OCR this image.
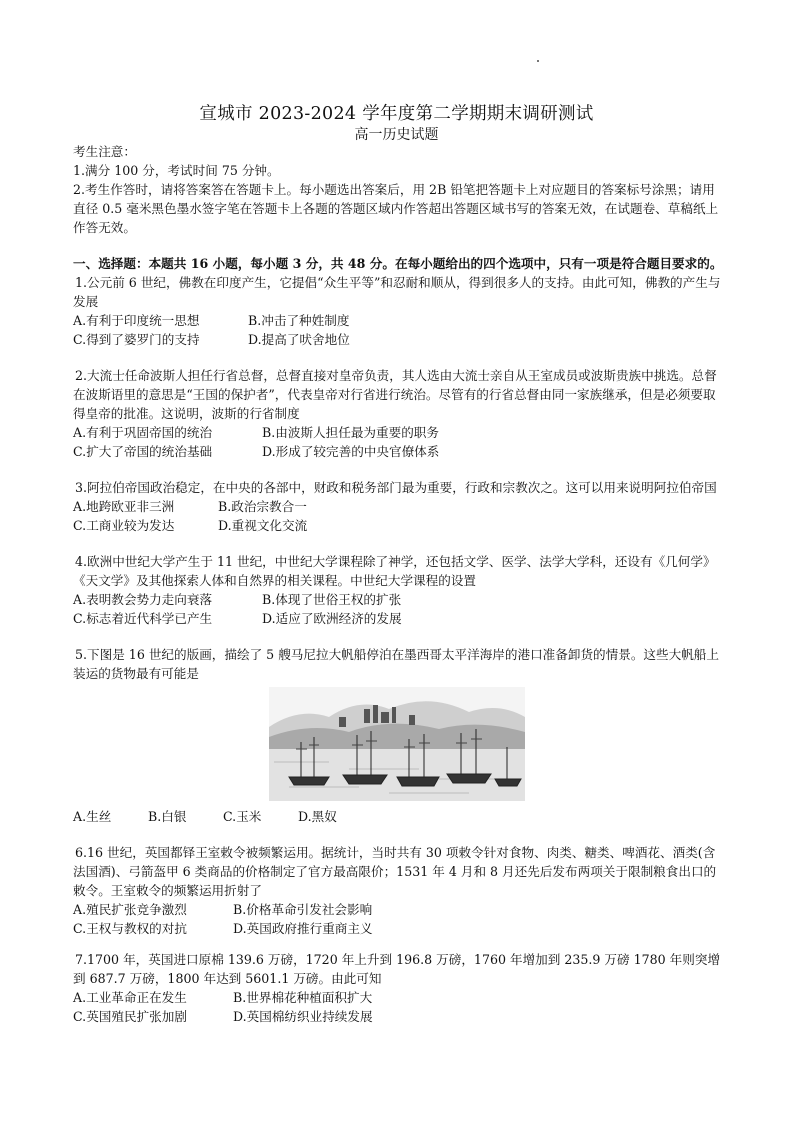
宣城市 2023-2024 学年度第二学期期末调研测试
高一历史试题
考生注意：
1.满分 100 分，考试时间 75 分钟。
2.考生作答时，请将答案答在答题卡上。每小题选出答案后，用 2B 铅笔把答题卡上对应题目的答案标号涂黑；请用直径 0.5 毫米黑色墨水签字笔在答题卡上各题的答题区域内作答超出答题区域书写的答案无效，在试题卷、草稿纸上作答无效。
一、选择题：本题共 16 小题，每小题 3 分，共 48 分。在每小题给出的四个选项中，只有一项是符合题目要求的。
1.公元前 6 世纪，佛教在印度产生，它提倡“众生平等”和忍耐和顺从，得到很多人的支持。由此可知，佛教的产生与发展
A.有利于印度统一思想	B.冲击了种姓制度
C.得到了婆罗门的支持	D.提高了吠舍地位
2.大流士任命波斯人担任行省总督，总督直接对皇帝负责，其人选由大流士亲自从王室成员或波斯贵族中挑选。总督在波斯语里的意思是“王国的保护者”，代表皇帝对行省进行统治。尽管有的行省总督由同一家族继承，但是必须要取得皇帝的批准。这说明，波斯的行省制度
A.有利于巩固帝国的统治	B.由波斯人担任最为重要的职务
C.扩大了帝国的统治基础	D.形成了较完善的中央官僚体系
3.阿拉伯帝国政治稳定，在中央的各部中，财政和税务部门最为重要，行政和宗教次之。这可以用来说明阿拉伯帝国
A.地跨欧亚非三洲	B.政治宗教合一
C.工商业较为发达	D.重视文化交流
4.欧洲中世纪大学产生于 11 世纪，中世纪大学课程除了神学，还包括文学、医学、法学大学科，还设有《几何学》《天文学》及其他探索人体和自然界的相关课程。中世纪大学课程的设置
A.表明教会势力走向衰落	B.体现了世俗王权的扩张
C.标志着近代科学已产生	D.适应了欧洲经济的发展
5.下图是 16 世纪的版画，描绘了 5 艘马尼拉大帆船停泊在墨西哥太平洋海岸的港口准备卸货的情景。这些大帆船上装运的货物最有可能是
A.生丝	B.白银	C.玉米	D.黑奴
6.16 世纪，英国都铎王室敕令被频繁运用。据统计，当时共有 30 项敕令针对食物、肉类、糖类、啤酒花、酒类(含法国酒)、弓箭盔甲 6 类商品的价格制定了官方最高限价；1531 年 4 月和 8 月还先后发布两项关于限制粮食出口的敕令。王室敕令的频繁运用折射了
A.殖民扩张竞争激烈	B.价格革命引发社会影响
C.王权与教权的对抗	D.英国政府推行重商主义
7.1700 年，英国进口原棉 139.6 万磅，1720 年上升到 196.8 万磅，1760 年增加到 235.9 万磅 1780 年则突增到 687.7 万磅，1800 年达到 5601.1 万磅。由此可知
A.工业革命正在发生	B.世界棉花种植面积扩大
C.英国殖民扩张加剧	D.英国棉纺织业持续发展
